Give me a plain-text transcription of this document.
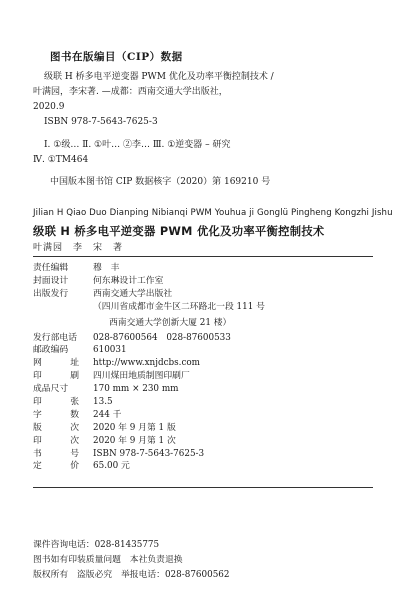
图书在版编目（CIP）数据
级联 H 桥多电平逆变器 PWM 优化及功率平衡控制技术 /
叶满园，李宋著. —成都：西南交通大学出版社，
2020.9
ISBN 978-7-5643-7625-3
Ⅰ. ①级… Ⅱ. ①叶… ②李… Ⅲ. ①逆变器 – 研究
Ⅳ. ①TM464
中国版本图书馆 CIP 数据核字（2020）第 169210 号
Jilian H Qiao Duo Dianping Nibianqi PWM Youhua ji Gonglü Pingheng Kongzhi Jishu
级联 H 桥多电平逆变器 PWM 优化及功率平衡控制技术
叶满园　李　宋　著
责任编辑	穆　丰
封面设计	何东琳设计工作室
出版发行	西南交通大学出版社
（四川省成都市金牛区二环路北一段 111 号
西南交通大学创新大厦 21 楼）
发行部电话	028-87600564　028-87600533
邮政编码	610031
网	址 http://www.xnjdcbs.com
印	刷 四川煤田地质制图印刷厂
成品尺寸	170 mm × 230 mm
印	张 13.5
字	数 244 千
版	次 2020 年 9 月第 1 版
印	次 2020 年 9 月第 1 次
书	号 ISBN 978-7-5643-7625-3
定	价 65.00 元
课件咨询电话：028-81435775
图书如有印装质量问题　本社负责退换
版权所有　盗版必究　举报电话：028-87600562
